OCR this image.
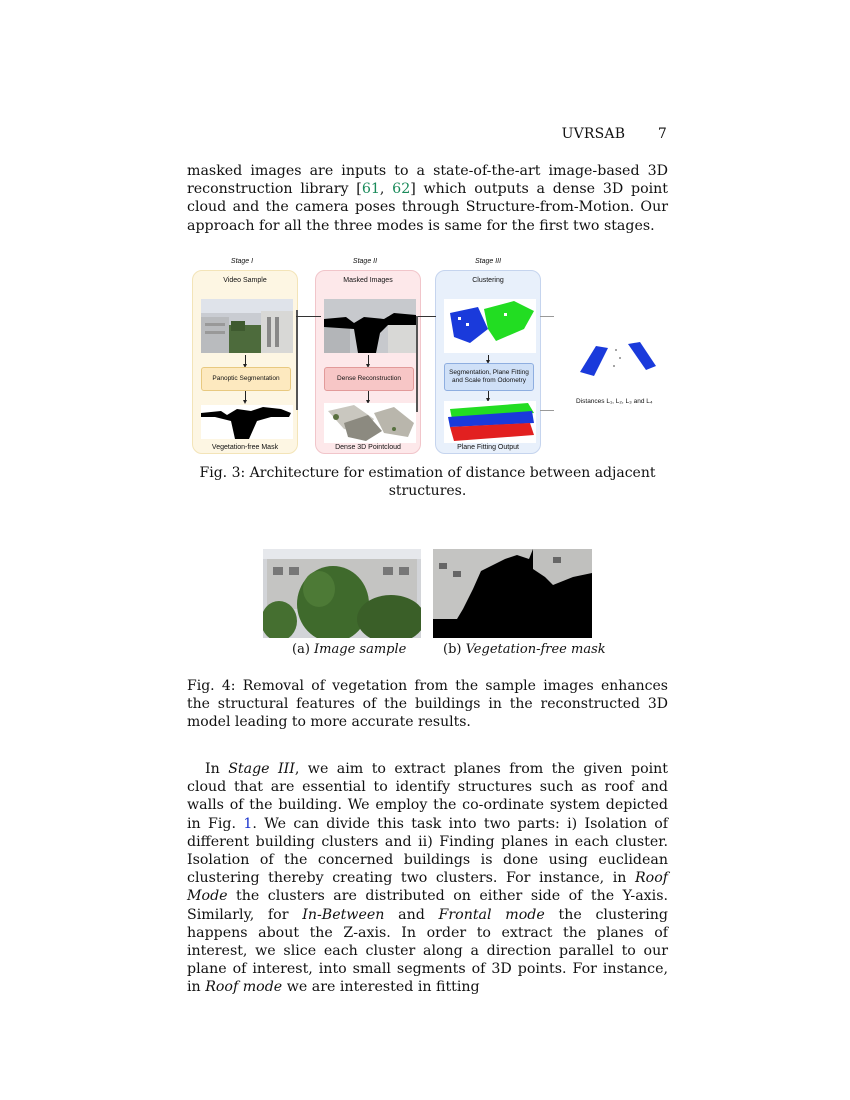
UVRSAB 7
masked images are inputs to a state-of-the-art image-based 3D reconstruction library [61, 62] which outputs a dense 3D point cloud and the camera poses through Structure-from-Motion. Our approach for all the three modes is same for the first two stages.
Stage I	Stage II	Stage III
Video Sample
Panoptic Segmentation
Vegetation-free Mask
Masked Images
Dense Reconstruction
Dense 3D Pointcloud
Clustering
Segmentation, Plane Fitting and Scale from Odometry
Plane Fitting Output
Distances L₁, L₂, L₃ and L₄
Fig. 3: Architecture for estimation of distance between adjacent structures.
(a) Image sample	(b) Vegetation-free mask
Fig. 4: Removal of vegetation from the sample images enhances the structural features of the buildings in the reconstructed 3D model leading to more accurate results.
In Stage III, we aim to extract planes from the given point cloud that are essential to identify structures such as roof and walls of the building. We employ the co-ordinate system depicted in Fig. 1. We can divide this task into two parts: i) Isolation of different building clusters and ii) Finding planes in each cluster. Isolation of the concerned buildings is done using euclidean clustering thereby creating two clusters. For instance, in Roof Mode the clusters are distributed on either side of the Y-axis. Similarly, for In-Between and Frontal mode the clustering happens about the Z-axis. In order to extract the planes of interest, we slice each cluster along a direction parallel to our plane of interest, into small segments of 3D points. For instance, in Roof mode we are interested in fitting
